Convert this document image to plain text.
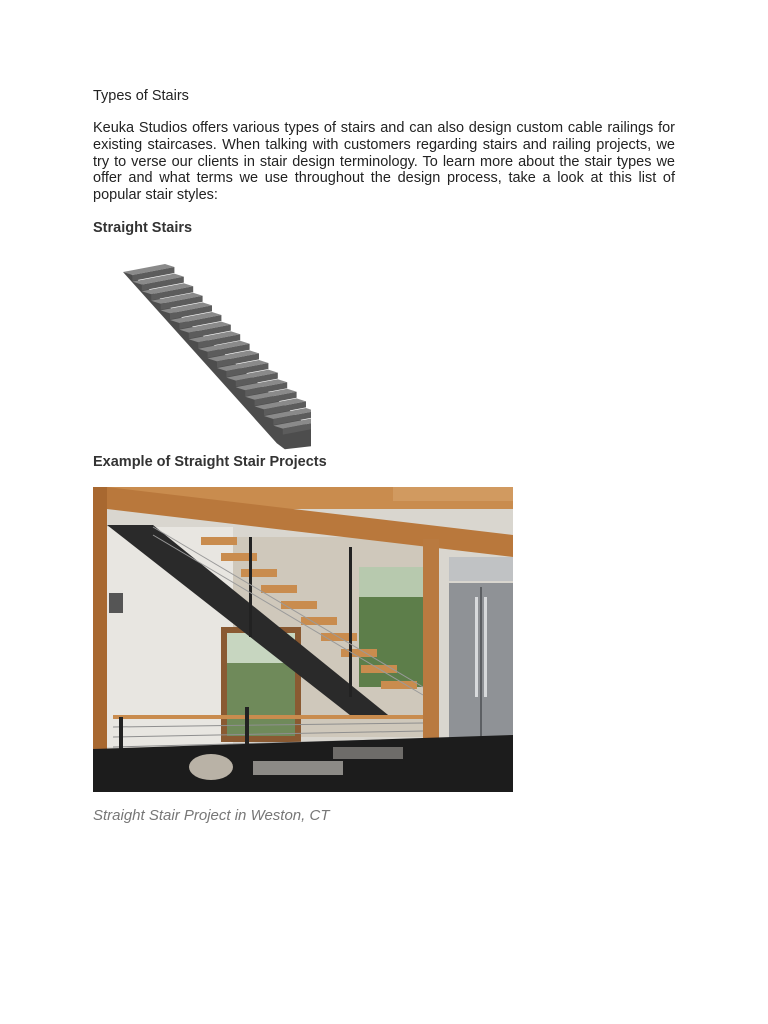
Types of Stairs

Keuka Studios offers various types of stairs and can also design custom cable railings for existing staircases. When talking with customers regarding stairs and railing projects, we try to verse our clients in stair design terminology. To learn more about the stair types we offer and what terms we use throughout the design process, take a look at this list of popular stair styles:

Straight Stairs

Example of Straight Stair Projects

Straight Stair Project in Weston, CT
